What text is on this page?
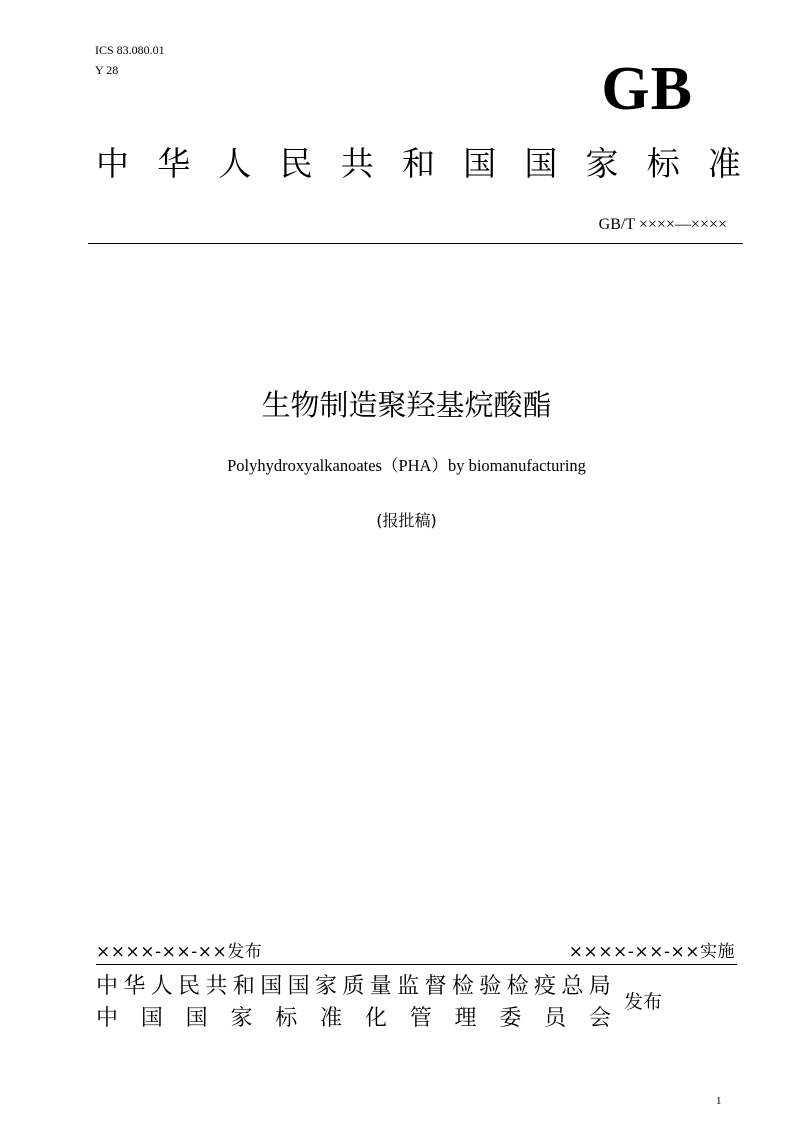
ICS 83.080.01
Y 28	GB
中 华 人 民 共 和 国 国 家 标 准
GB/T ××××—××××
生物制造聚羟基烷酸酯
Polyhydroxyalkanoates（PHA）by biomanufacturing
(报批稿)
××××-××-××发布	××××-××-××实施
中 华 人 民 共 和 国 国 家 质 量 监 督 检 验 检 疫 总 局
中 国 国 家 标 准 化 管 理 委 员 会
发布
1
